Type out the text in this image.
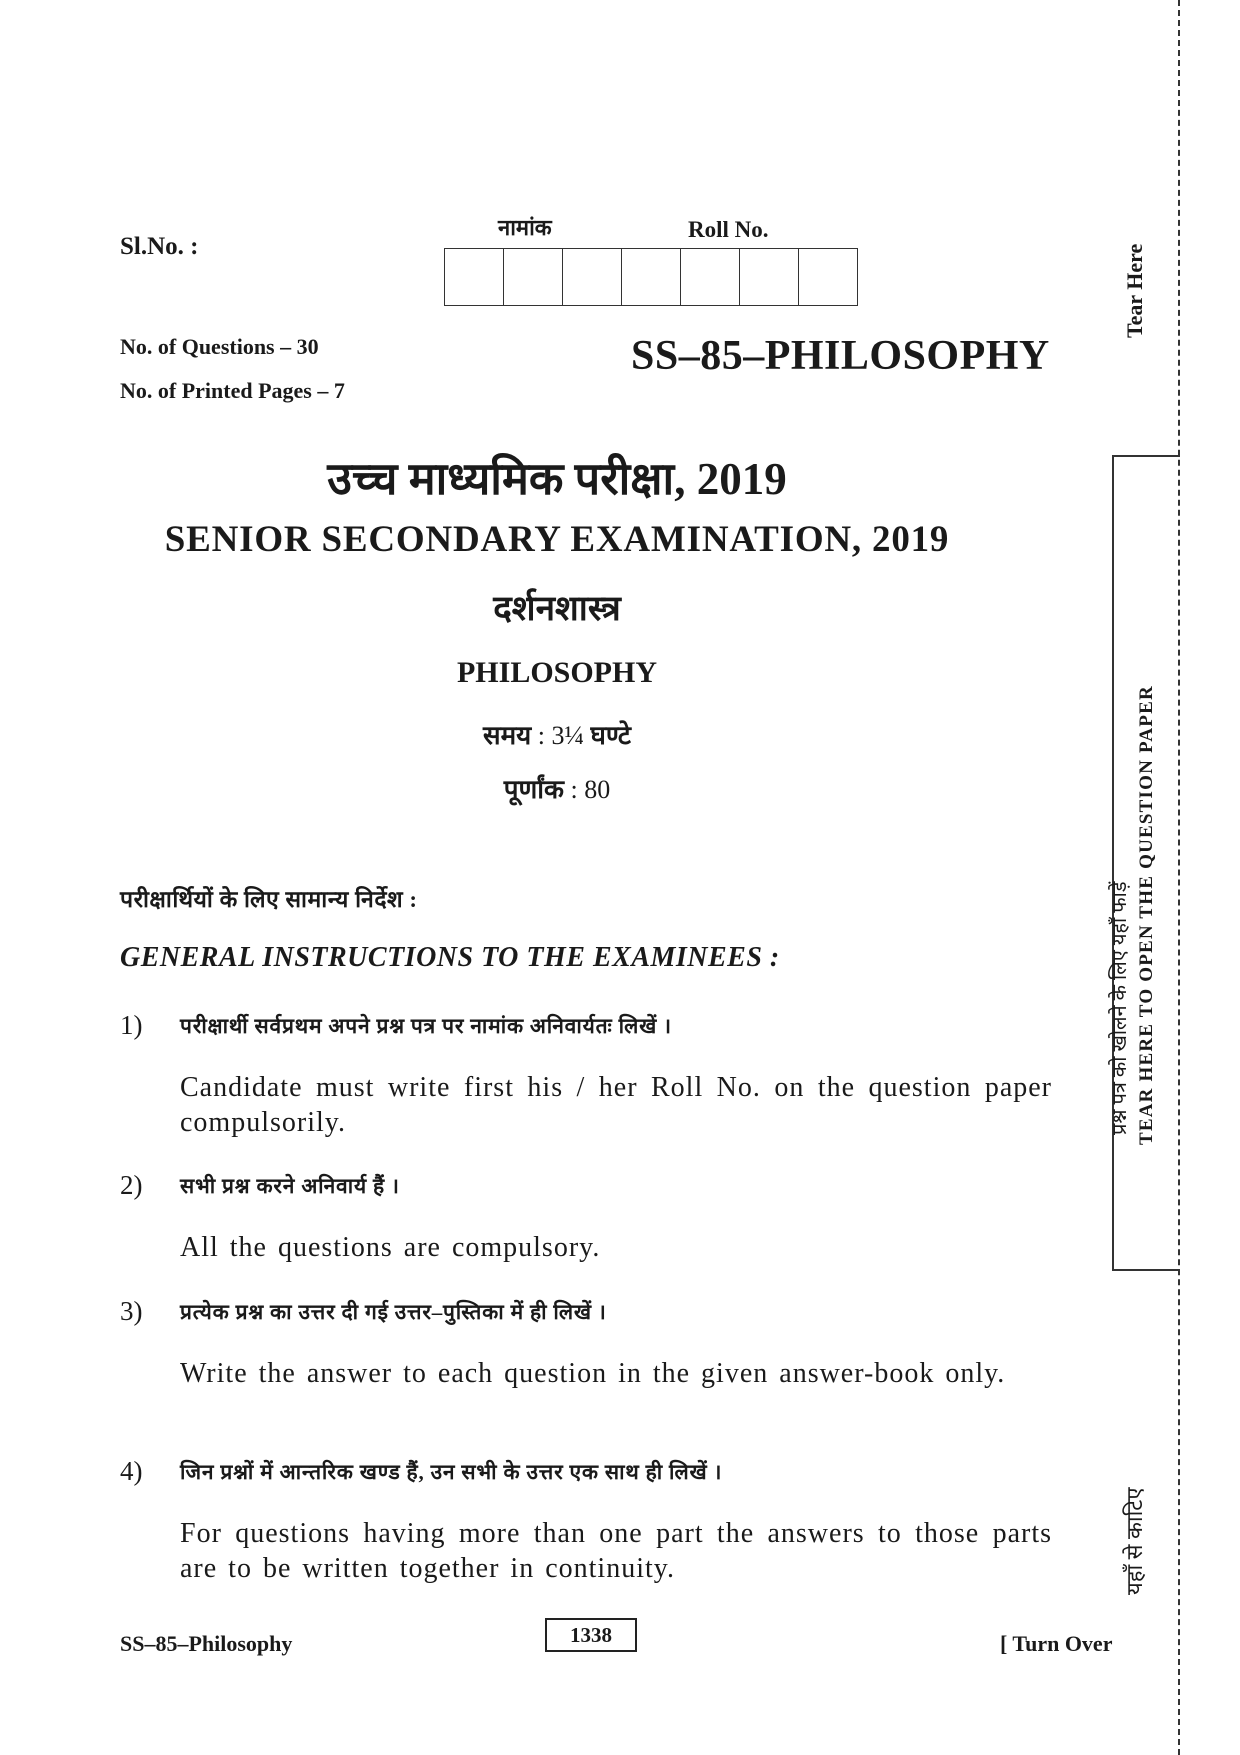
Sl.No. :
नामांक	Roll No.
No. of Questions – 30
No. of Printed Pages – 7
SS–85–PHILOSOPHY
उच्च माध्यमिक परीक्षा, 2019
SENIOR SECONDARY EXAMINATION, 2019
दर्शनशास्त्र
PHILOSOPHY
समय : 3¼ घण्टे
पूर्णांक : 80
परीक्षार्थियों के लिए सामान्य निर्देश :
GENERAL INSTRUCTIONS TO THE EXAMINEES :
1) परीक्षार्थी सर्वप्रथम अपने प्रश्न पत्र पर नामांक अनिवार्यतः लिखें ।
Candidate must write first his / her Roll No. on the question paper compulsorily.
2) सभी प्रश्न करने अनिवार्य हैं ।
All the questions are compulsory.
3) प्रत्येक प्रश्न का उत्तर दी गई उत्तर–पुस्तिका में ही लिखें ।
Write the answer to each question in the given answer-book only.
4) जिन प्रश्नों में आन्तरिक खण्ड हैं, उन सभी के उत्तर एक साथ ही लिखें ।
For questions having more than one part the answers to those parts are to be written together in continuity.
SS–85–Philosophy	1338	[ Turn Over
Tear Here
प्रश्न पत्र को खोलने के लिए यहाँ फाड़ें TEAR HERE TO OPEN THE QUESTION PAPER
यहाँ से काटिए
